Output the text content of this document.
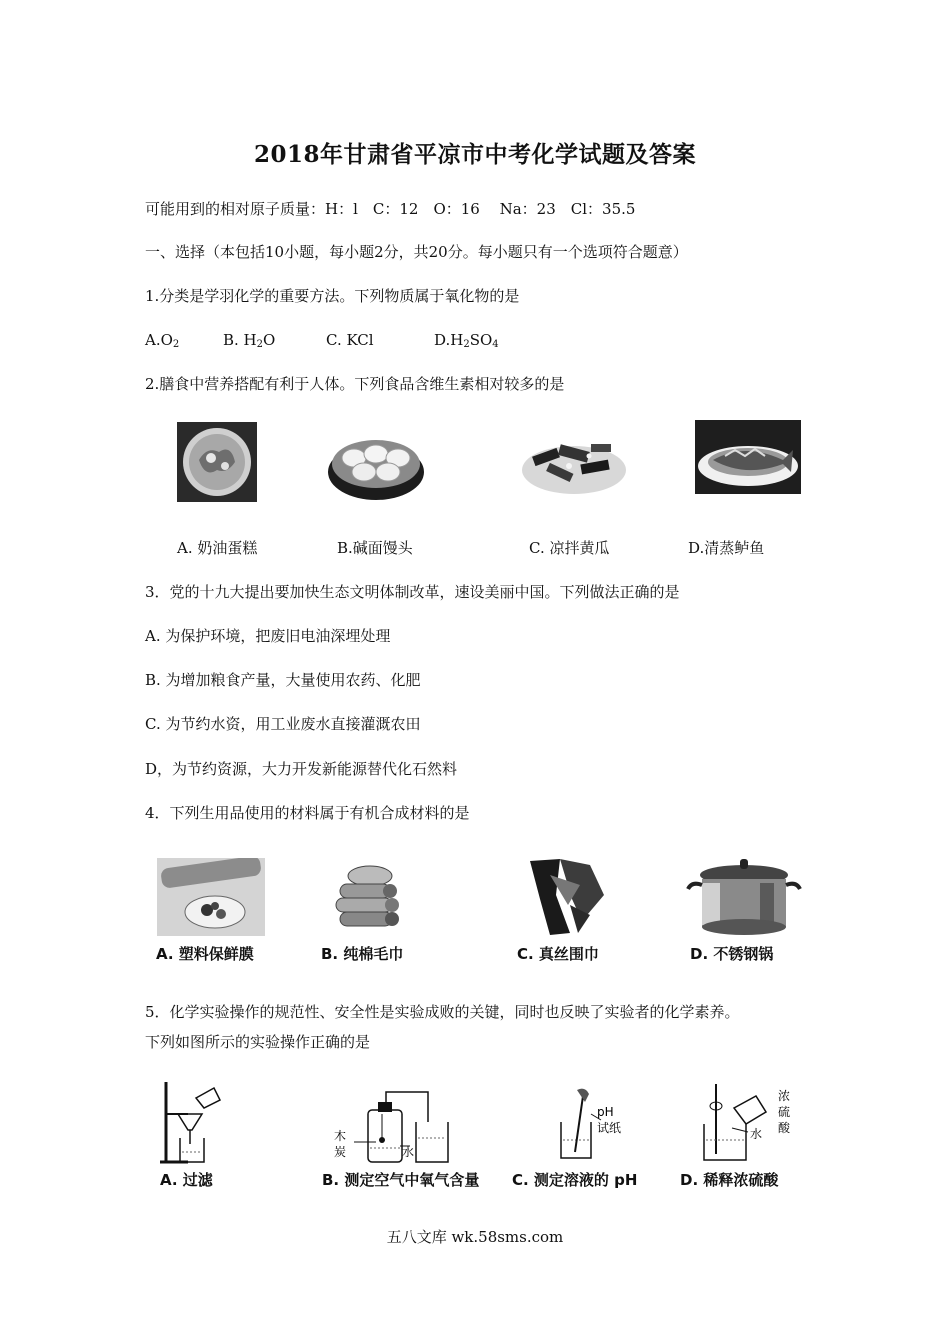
2018年甘肃省平凉市中考化学试题及答案
可能用到的相对原子质量：H：l　C：12　O：16　 Na：23　Cl：35.5
一、选择（本包括10小题，每小题2分，共20分。每小题只有一个选项符合题意）
1.分类是学羽化学的重要方法。下列物质属于氧化物的是
$A.O_2$	B. $H_2O$	C. KCl	$D.H_2SO_4$
2.膳食中营养搭配有利于人体。下列食品含维生素相对较多的是
A. 奶油蛋糕	B.碱面馒头	C. 凉拌黄瓜	D.清蒸鲈鱼
3．党的十九大提出要加快生态文明体制改革，速设美丽中国。下列做法正确的是
A. 为保护环境，把废旧电油深埋处理
B. 为增加粮食产量，大量使用农药、化肥
C. 为节约水资，用工业废水直接灌溉农田
D，为节约资源，大力开发新能源替代化石然料
4．下列生用品使用的材料属于有机合成材料的是
A. 塑料保鲜膜	B. 纯棉毛巾	C. 真丝围巾	D. 不锈钢锅
5．化学实验操作的规范性、安全性是实验成败的关键，同时也反映了实验者的化学素养。
下列如图所示的实验操作正确的是
木
炭	水
pH
试纸	水
浓
硫
酸
A. 过滤	B. 测定空气中氧气含量 C. 测定溶液的 pH	D. 稀释浓硫酸
五八文库 wk.58sms.com
